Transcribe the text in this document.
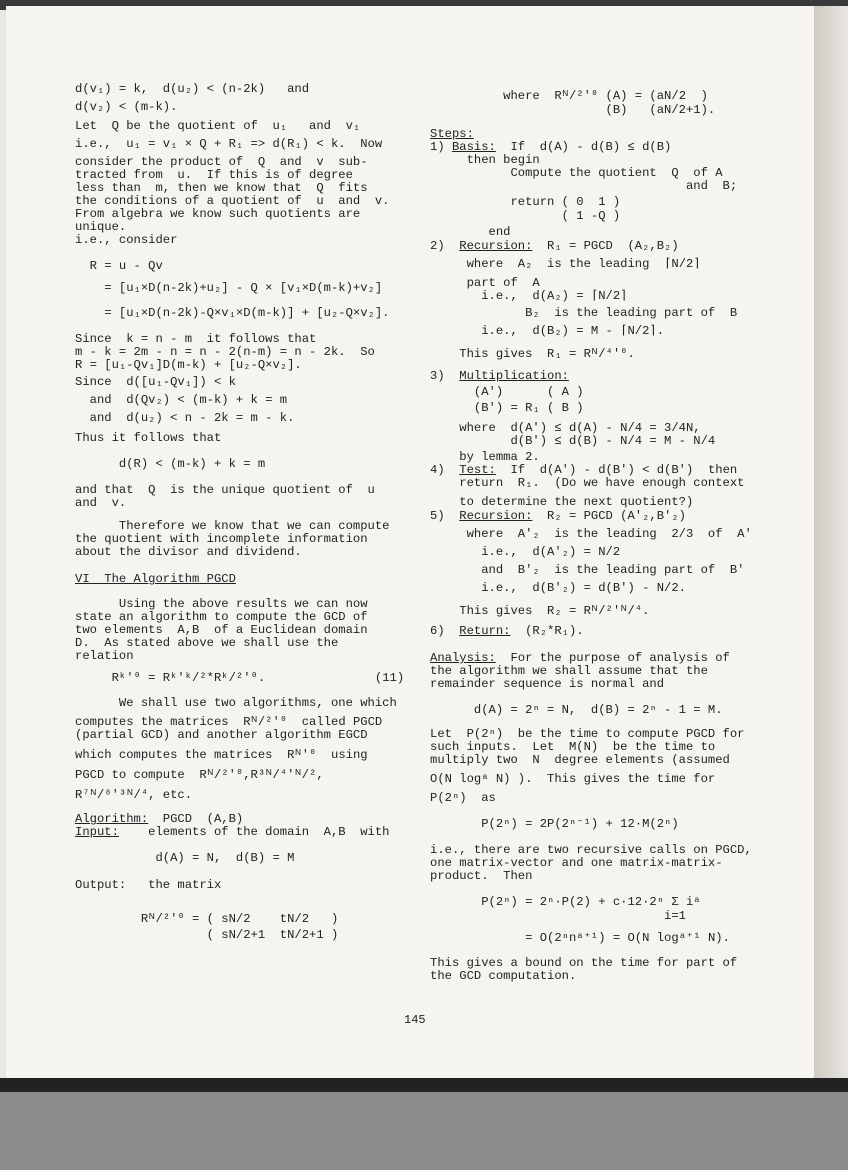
d(v₁) = k,  d(u₂) < (n-2k)   and
d(v₂) < (m-k).
Let  Q be the quotient of  u₁   and  v₁
i.e.,  u₁ = v₁ × Q + R₁ => d(R₁) < k.  Now
consider the product of  Q  and  v  sub-
tracted from  u.  If this is of degree
less than  m, then we know that  Q  fits
the conditions of a quotient of  u  and  v.
From algebra we know such quotients are
unique.
i.e., consider
R = u - Qv
= [u₁×D(n-2k)+u₂] - Q × [v₁×D(m-k)+v₂]
= [u₁×D(n-2k)-Q×v₁×D(m-k)] + [u₂-Q×v₂].
Since  k = n - m  it follows that
m - k = 2m - n = n - 2(n-m) = n - 2k.  So
R = [u₁-Qv₁]D(m-k) + [u₂-Q×v₂].
Since  d([u₁-Qv₁]) < k
and  d(Qv₂) < (m-k) + k = m
and  d(u₂) < n - 2k = m - k.
Thus it follows that
d(R) < (m-k) + k = m
and that  Q  is the unique quotient of  u
and  v.
Therefore we know that we can compute
the quotient with incomplete information
about the divisor and dividend.
VI  The Algorithm PGCD
Using the above results we can now
state an algorithm to compute the GCD of
two elements  A,B  of a Euclidean domain
D.  As stated above we shall use the
relation
Rᵏ'⁰ = Rᵏ'ᵏ/²*Rᵏ/²'⁰.               (11)
We shall use two algorithms, one which
computes the matrices  Rᴺ/²'⁰  called PGCD
(partial GCD) and another algorithm EGCD
which computes the matrices  Rᴺ'⁰  using
PGCD to compute  Rᴺ/²'⁰,R³ᴺ/⁴'ᴺ/²,
R⁷ᴺ/⁸'³ᴺ/⁴, etc.
Algorithm:  PGCD  (A,B)
Input:    elements of the domain  A,B  with
d(A) = N,  d(B) = M
Output:   the matrix
Rᴺ/²'⁰ = ( sN/2    tN/2   )
( sN/2+1  tN/2+1 )
where  Rᴺ/²'⁰ (A) = (aN/2  )
(B)   (aN/2+1).
Steps:
1) Basis:  If  d(A) - d(B) ≤ d(B)
then begin
Compute the quotient  Q  of A
and  B;
return ( 0  1 )
( 1 -Q )
end
2)  Recursion:  R₁ = PGCD  (A₂,B₂)
where  A₂  is the leading  ⌈N/2⌉
part of  A
i.e.,  d(A₂) = ⌈N/2⌉
B₂  is the leading part of  B
i.e.,  d(B₂) = M - ⌈N/2⌉.
This gives  R₁ = Rᴺ/⁴'⁰.
3)  Multiplication:
(A')      ( A )
(B') = R₁ ( B )
where  d(A') ≤ d(A) - N/4 = 3/4N,
d(B') ≤ d(B) - N/4 = M - N/4
by lemma 2.
4)  Test:  If  d(A') - d(B') < d(B')  then
return  R₁.  (Do we have enough context
to determine the next quotient?)
5)  Recursion:  R₂ = PGCD (A'₂,B'₂)
where  A'₂  is the leading  2/3  of  A'
i.e.,  d(A'₂) = N/2
and  B'₂  is the leading part of  B'
i.e.,  d(B'₂) = d(B') - N/2.
This gives  R₂ = Rᴺ/²'ᴺ/⁴.
6)  Return:  (R₂*R₁).
Analysis:  For the purpose of analysis of
the algorithm we shall assume that the
remainder sequence is normal and
d(A) = 2ⁿ = N,  d(B) = 2ⁿ - 1 = M.
Let  P(2ⁿ)  be the time to compute PGCD for
such inputs.  Let  M(N)  be the time to
multiply two  N  degree elements (assumed
O(N logᵃ N) ).  This gives the time for
P(2ⁿ)  as
P(2ⁿ) = 2P(2ⁿ⁻¹) + 12·M(2ⁿ)
i.e., there are two recursive calls on PGCD,
one matrix-vector and one matrix-matrix-
product.  Then
P(2ⁿ) = 2ⁿ·P(2) + c·12·2ⁿ Σ iᵃ
i=1
= O(2ⁿnᵃ⁺¹) = O(N logᵃ⁺¹ N).
This gives a bound on the time for part of
the GCD computation.
145
